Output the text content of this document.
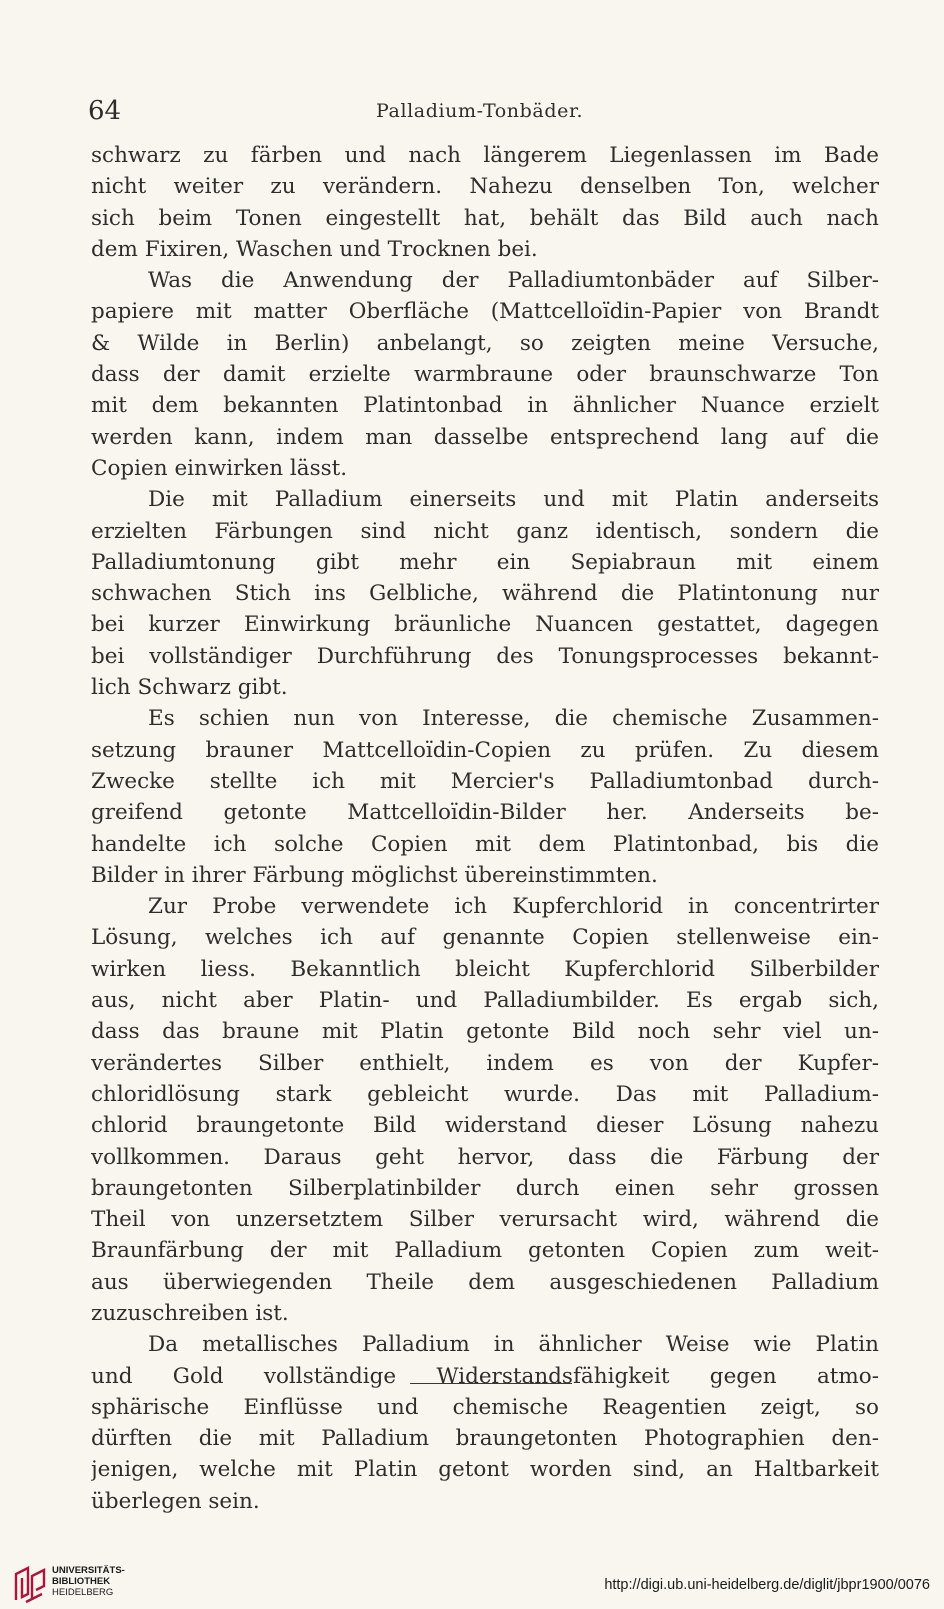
64	Palladium-Tonbäder.
schwarz zu färben und nach längerem Liegenlassen im Bade
nicht weiter zu verändern. Nahezu denselben Ton, welcher
sich beim Tonen eingestellt hat, behält das Bild auch nach
dem Fixiren, Waschen und Trocknen bei.
Was die Anwendung der Palladiumtonbäder auf Silber-
papiere mit matter Oberfläche (Mattcelloïdin-Papier von Brandt
& Wilde in Berlin) anbelangt, so zeigten meine Versuche,
dass der damit erzielte warmbraune oder braunschwarze Ton
mit dem bekannten Platintonbad in ähnlicher Nuance erzielt
werden kann, indem man dasselbe entsprechend lang auf die
Copien einwirken lässt.
Die mit Palladium einerseits und mit Platin anderseits
erzielten Färbungen sind nicht ganz identisch, sondern die
Palladiumtonung gibt mehr ein Sepiabraun mit einem
schwachen Stich ins Gelbliche, während die Platintonung nur
bei kurzer Einwirkung bräunliche Nuancen gestattet, dagegen
bei vollständiger Durchführung des Tonungsprocesses bekannt-
lich Schwarz gibt.
Es schien nun von Interesse, die chemische Zusammen-
setzung brauner Mattcelloïdin-Copien zu prüfen. Zu diesem
Zwecke stellte ich mit Mercier's Palladiumtonbad durch-
greifend getonte Mattcelloïdin-Bilder her. Anderseits be-
handelte ich solche Copien mit dem Platintonbad, bis die
Bilder in ihrer Färbung möglichst übereinstimmten.
Zur Probe verwendete ich Kupferchlorid in concentrirter
Lösung, welches ich auf genannte Copien stellenweise ein-
wirken liess. Bekanntlich bleicht Kupferchlorid Silberbilder
aus, nicht aber Platin- und Palladiumbilder. Es ergab sich,
dass das braune mit Platin getonte Bild noch sehr viel un-
verändertes Silber enthielt, indem es von der Kupfer-
chloridlösung stark gebleicht wurde. Das mit Palladium-
chlorid braungetonte Bild widerstand dieser Lösung nahezu
vollkommen. Daraus geht hervor, dass die Färbung der
braungetonten Silberplatinbilder durch einen sehr grossen
Theil von unzersetztem Silber verursacht wird, während die
Braunfärbung der mit Palladium getonten Copien zum weit-
aus überwiegenden Theile dem ausgeschiedenen Palladium
zuzuschreiben ist.
Da metallisches Palladium in ähnlicher Weise wie Platin
und Gold vollständige Widerstandsfähigkeit gegen atmo-
sphärische Einflüsse und chemische Reagentien zeigt, so
dürften die mit Palladium braungetonten Photographien den-
jenigen, welche mit Platin getont worden sind, an Haltbarkeit
überlegen sein.
UNIVERSITÄTS-
BIBLIOTHEK
HEIDELBERG	http://digi.ub.uni-heidelberg.de/diglit/jbpr1900/0076
